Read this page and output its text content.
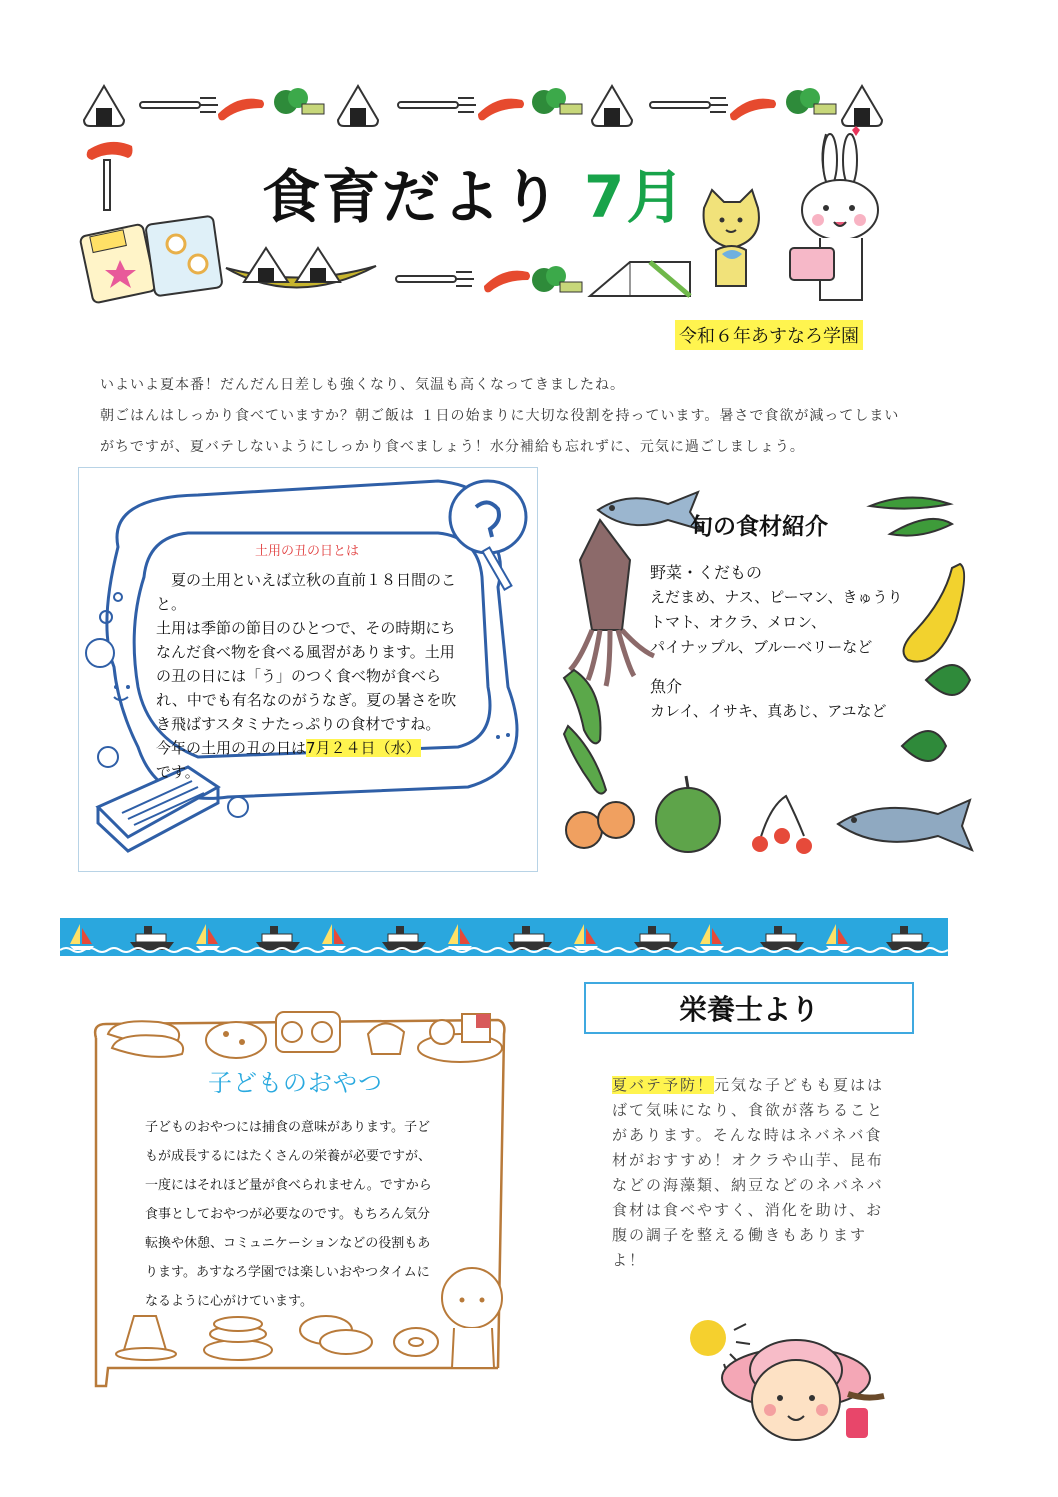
食育だより 7月
令和６年あすなろ学園

いよいよ夏本番！だんだん日差しも強くなり、気温も高くなってきましたね。

朝ごはんはしっかり食べていますか？朝ご飯は １日の始まりに大切な役割を持っています。暑さで食欲が減ってしまい

がちですが、夏バテしないようにしっかり食べましょう！水分補給も忘れずに、元気に過ごしましょう。

土用の丑の日とは

　夏の土用といえば立秋の直前１８日間のこと。

土用は季節の節目のひとつで、その時期にちなんだ食べ物を食べる風習があります。土用の丑の日には「う」のつく食べ物が食べられ、中でも有名なのがうなぎ。夏の暑さを吹き飛ばすスタミナたっぷりの食材ですね。

今年の土用の丑の日は7月２４日（水）

です。

旬の食材紹介

野菜・くだもの

えだまめ、ナス、ピーマン、きゅうり

トマト、オクラ、メロン、

パイナップル、ブルーベリーなど

魚介

カレイ、イサキ、真あじ、アユなど

栄養士より

夏バテ予防！元気な子どもも夏ははばて気味になり、食欲が落ちることがあります。そんな時はネバネバ食材がおすすめ！オクラや山芋、昆布などの海藻類、納豆などのネバネバ食材は食べやすく、消化を助け、お腹の調子を整える働きもありますよ！

子どものおやつ

子どものおやつには捕食の意味があります。子ど

もが成長するにはたくさんの栄養が必要ですが、

一度にはそれほど量が食べられません。ですから

食事としておやつが必要なのです。もちろん気分

転換や休憩、コミュニケーションなどの役割もあ

ります。あすなろ学園では楽しいおやつタイムに

なるように心がけています。
